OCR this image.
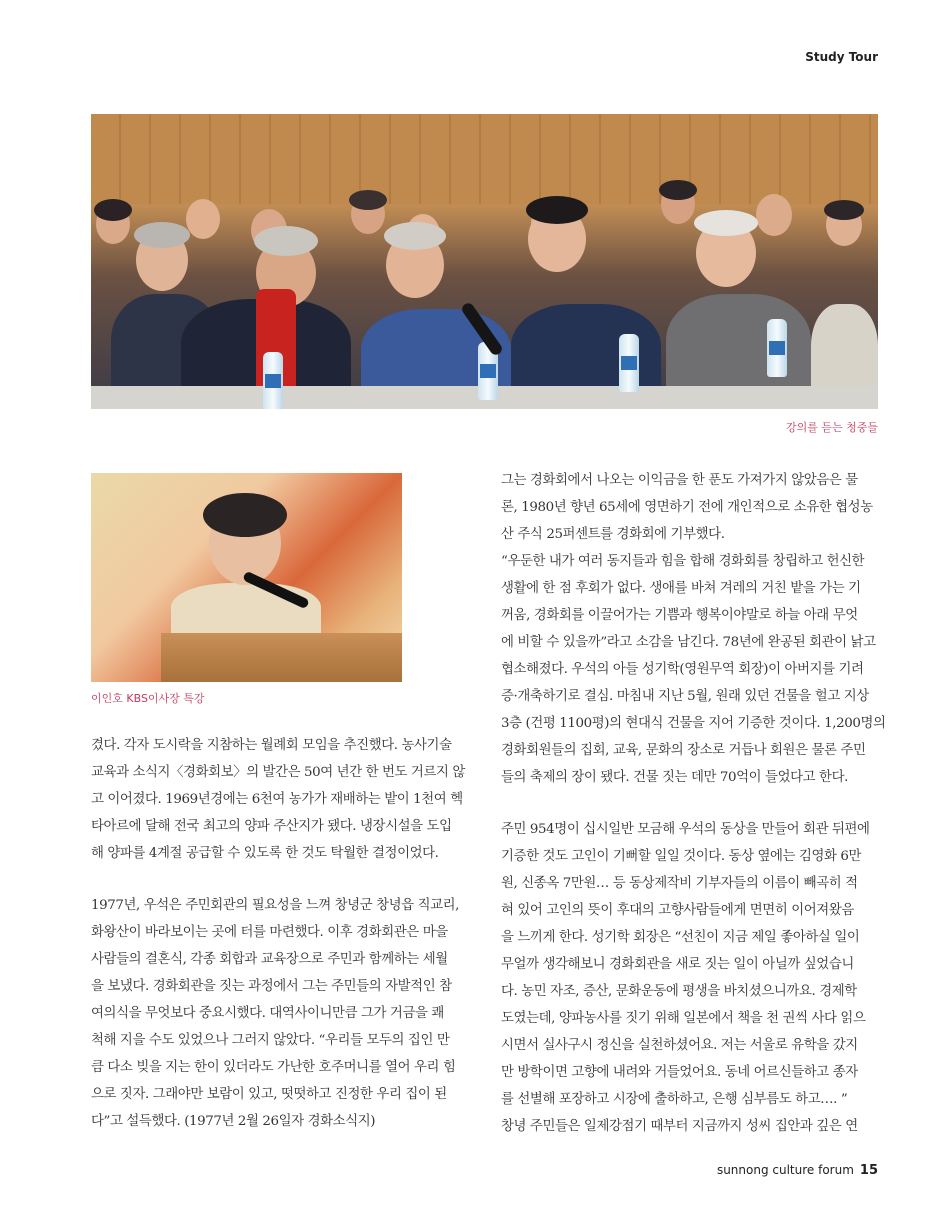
Study Tour
강의를 듣는 청중들
이인호 KBS이사장 특강

겼다. 각자 도시락을 지참하는 월례회 모임을 추진했다. 농사기술

교육과 소식지〈경화회보〉의 발간은 50여 년간 한 번도 거르지 않

고 이어졌다. 1969년경에는 6천여 농가가 재배하는 밭이 1천여 헥

타아르에 달해 전국 최고의 양파 주산지가 됐다. 냉장시설을 도입

해 양파를 4계절 공급할 수 있도록 한 것도 탁월한 결정이었다.

1977년, 우석은 주민회관의 필요성을 느껴 창녕군 창녕읍 직교리,

화왕산이 바라보이는 곳에 터를 마련했다. 이후 경화회관은 마을

사람들의 결혼식, 각종 회합과 교육장으로 주민과 함께하는 세월

을 보냈다. 경화회관을 짓는 과정에서 그는 주민들의 자발적인 참

여의식을 무엇보다 중요시했다. 대역사이니만큼 그가 거금을 쾌

척해 지을 수도 있었으나 그러지 않았다. “우리들 모두의 집인 만

큼 다소 빚을 지는 한이 있더라도 가난한 호주머니를 열어 우리 힘

으로 짓자. 그래야만 보람이 있고, 떳떳하고 진정한 우리 집이 된

다”고 설득했다. (1977년 2월 26일자 경화소식지)

그는 경화회에서 나오는 이익금을 한 푼도 가져가지 않았음은 물

론, 1980년 향년 65세에 영면하기 전에 개인적으로 소유한 협성농

산 주식 25퍼센트를 경화회에 기부했다.

“우둔한 내가 여러 동지들과 힘을 합해 경화회를 창립하고 헌신한

생활에 한 점 후회가 없다. 생애를 바쳐 겨레의 거친 밭을 가는 기

꺼움, 경화회를 이끌어가는 기쁨과 행복이야말로 하늘 아래 무엇

에 비할 수 있을까”라고 소감을 남긴다. 78년에 완공된 회관이 낡고

협소해졌다. 우석의 아들 성기학(영원무역 회장)이 아버지를 기려

증·개축하기로 결심. 마침내 지난 5월, 원래 있던 건물을 헐고 지상

3층 (건평 1100평)의 현대식 건물을 지어 기증한 것이다. 1,200명의

경화회원들의 집회, 교육, 문화의 장소로 거듭나 회원은 물론 주민

들의 축제의 장이 됐다. 건물 짓는 데만 70억이 들었다고 한다.

주민 954명이 십시일반 모금해 우석의 동상을 만들어 회관 뒤편에

기증한 것도 고인이 기뻐할 일일 것이다. 동상 옆에는 김영화 6만

원, 신종옥 7만원… 등 동상제작비 기부자들의 이름이 빼곡히 적

혀 있어 고인의 뜻이 후대의 고향사람들에게 면면히 이어져왔음

을 느끼게 한다. 성기학 회장은 “선친이 지금 제일 좋아하실 일이

무얼까 생각해보니 경화회관을 새로 짓는 일이 아닐까 싶었습니

다. 농민 자조, 증산, 문화운동에 평생을 바치셨으니까요. 경제학

도였는데, 양파농사를 짓기 위해 일본에서 책을 천 권씩 사다 읽으

시면서 실사구시 정신을 실천하셨어요. 저는 서울로 유학을 갔지

만 방학이면 고향에 내려와 거들었어요. 동네 어르신들하고 종자

를 선별해 포장하고 시장에 출하하고, 은행 심부름도 하고…. ”

창녕 주민들은 일제강점기 때부터 지금까지 성씨 집안과 깊은 연

sunnong culture forum 15
